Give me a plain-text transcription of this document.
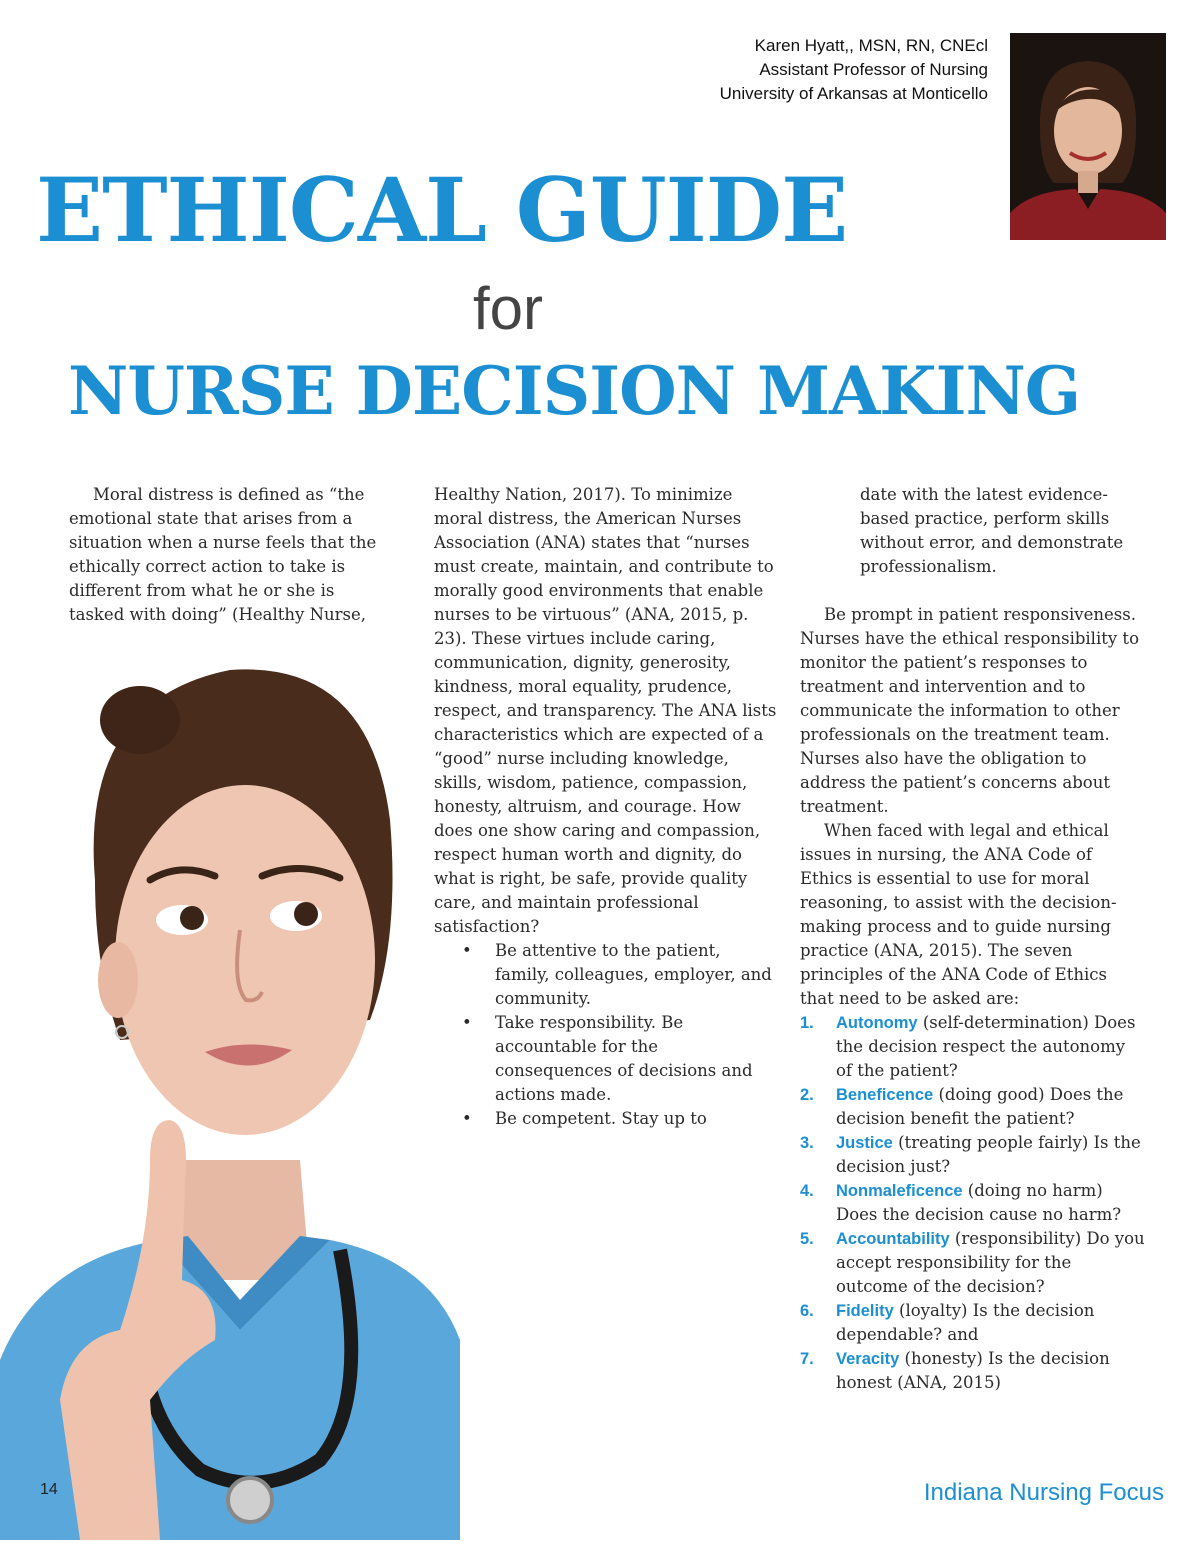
Karen Hyatt,, MSN, RN, CNEcl
Assistant Professor of Nursing
University of Arkansas at Monticello
ETHICAL GUIDE
for
NURSE DECISION MAKING

Moral distress is defined as “the emotional state that arises from a situation when a nurse feels that the ethically correct action to take is different from what he or she is tasked with doing” (Healthy Nurse,

Healthy Nation, 2017). To minimize moral distress, the American Nurses Association (ANA) states that “nurses must create, maintain, and contribute to morally good environments that enable nurses to be virtuous” (ANA, 2015, p. 23). These virtues include caring, communication, dignity, generosity, kindness, moral equality, prudence, respect, and transparency. The ANA lists characteristics which are expected of a “good” nurse including knowledge, skills, wisdom, patience, compassion, honesty, altruism, and courage. How does one show caring and compassion, respect human worth and dignity, do what is right, be safe, provide quality care, and maintain professional satisfaction?

• Be attentive to the patient, family, colleagues, employer, and community.
• Take responsibility. Be accountable for the consequences of decisions and actions made.
• Be competent. Stay up to

date with the latest evidence-based practice, perform skills without error, and demonstrate professionalism.

Be prompt in patient responsiveness. Nurses have the ethical responsibility to monitor the patient’s responses to treatment and intervention and to communicate the information to other professionals on the treatment team. Nurses also have the obligation to address the patient’s concerns about treatment.

When faced with legal and ethical issues in nursing, the ANA Code of Ethics is essential to use for moral reasoning, to assist with the decision-making process and to guide nursing practice (ANA, 2015). The seven principles of the ANA Code of Ethics that need to be asked are:

1. Autonomy (self-determination) Does the decision respect the autonomy of the patient?
2. Beneficence (doing good) Does the decision benefit the patient?
3. Justice (treating people fairly) Is the decision just?
4. Nonmaleficence (doing no harm) Does the decision cause no harm?
5. Accountability (responsibility) Do you accept responsibility for the outcome of the decision?
6. Fidelity (loyalty) Is the decision dependable? and
7. Veracity (honesty) Is the decision honest (ANA, 2015)
14	Indiana Nursing Focus
